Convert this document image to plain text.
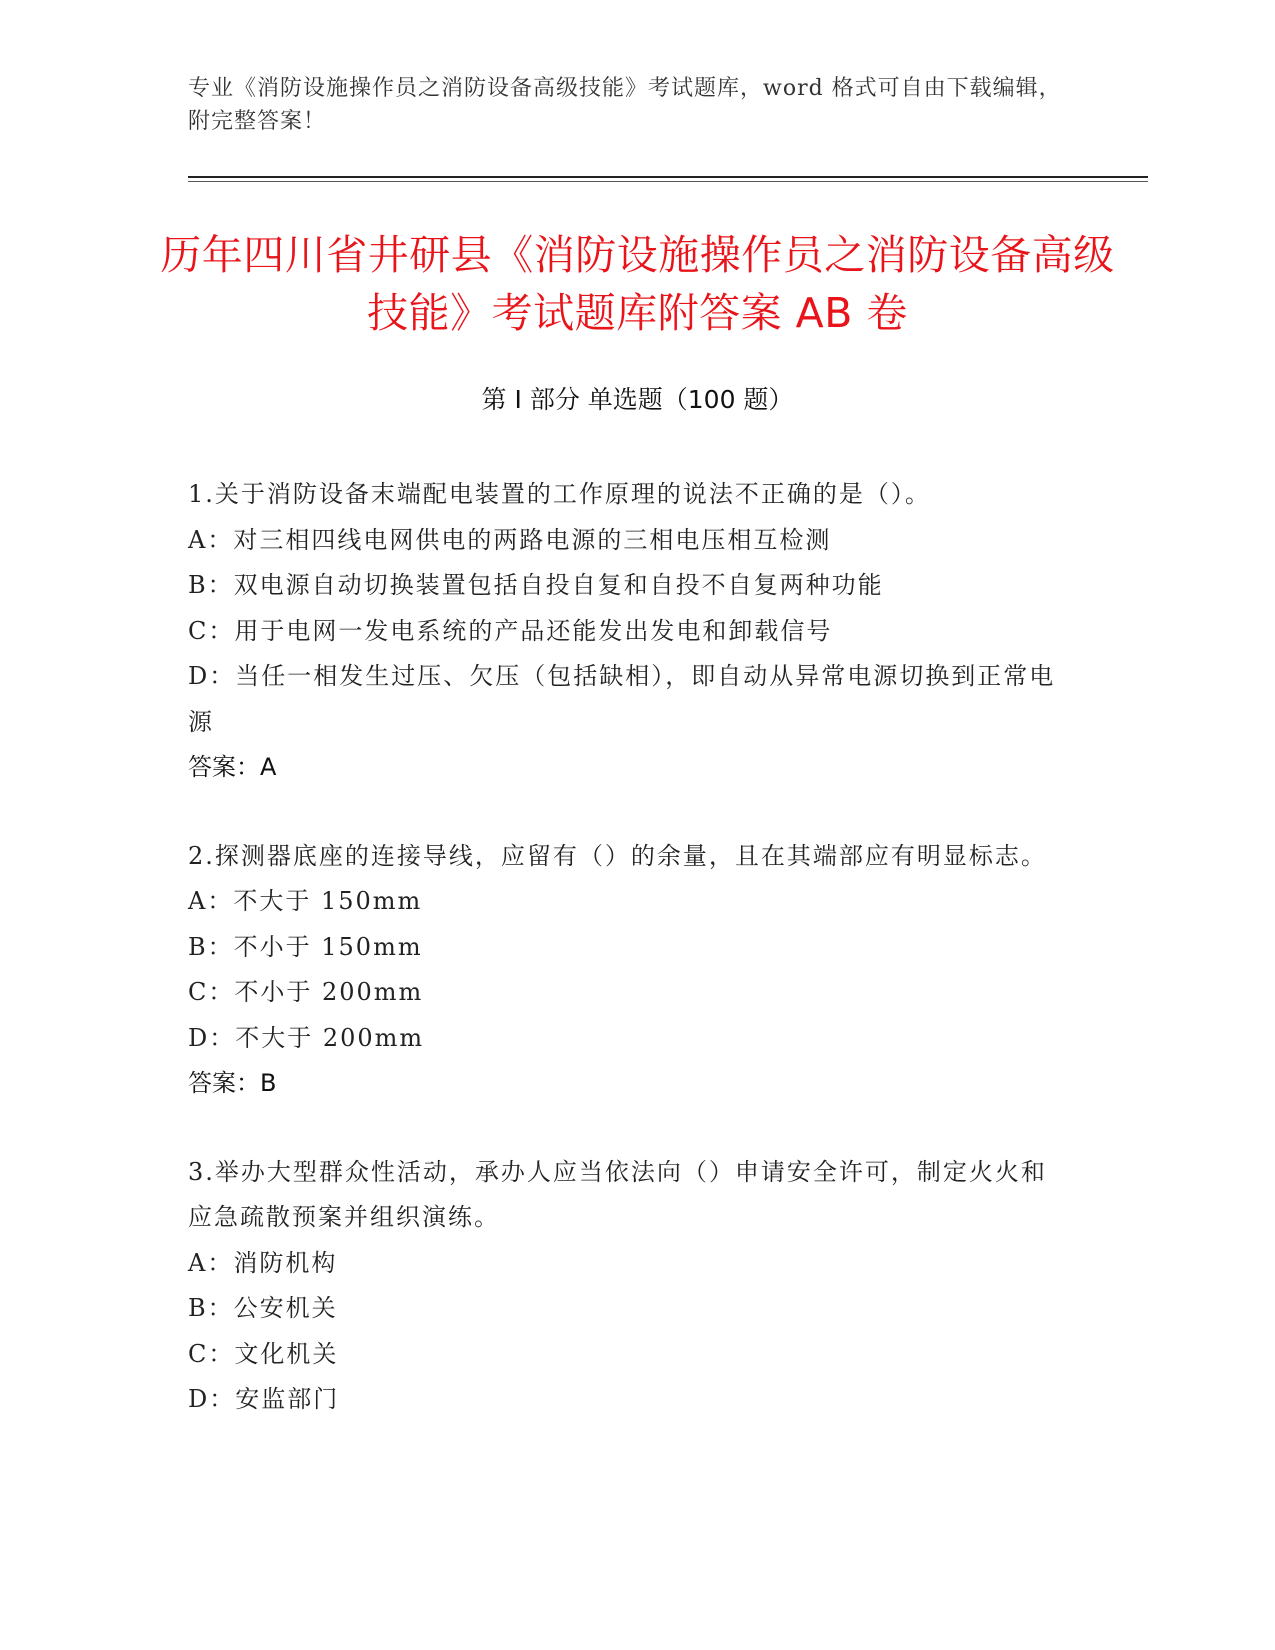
专业《消防设施操作员之消防设备高级技能》考试题库，word 格式可自由下载编辑，附完整答案！
历年四川省井研县《消防设施操作员之消防设备高级技能》考试题库附答案 AB 卷
第 I 部分 单选题（100 题）
1.关于消防设备末端配电装置的工作原理的说法不正确的是（）。
A：对三相四线电网供电的两路电源的三相电压相互检测
B：双电源自动切换装置包括自投自复和自投不自复两种功能
C：用于电网一发电系统的产品还能发出发电和卸载信号
D：当任一相发生过压、欠压（包括缺相），即自动从异常电源切换到正常电源
答案：A
2.探测器底座的连接导线，应留有（）的余量，且在其端部应有明显标志。
A：不大于 150mm
B：不小于 150mm
C：不小于 200mm
D：不大于 200mm
答案：B
3.举办大型群众性活动，承办人应当依法向（）申请安全许可，制定火火和应急疏散预案并组织演练。
A：消防机构
B：公安机关
C：文化机关
D：安监部门
